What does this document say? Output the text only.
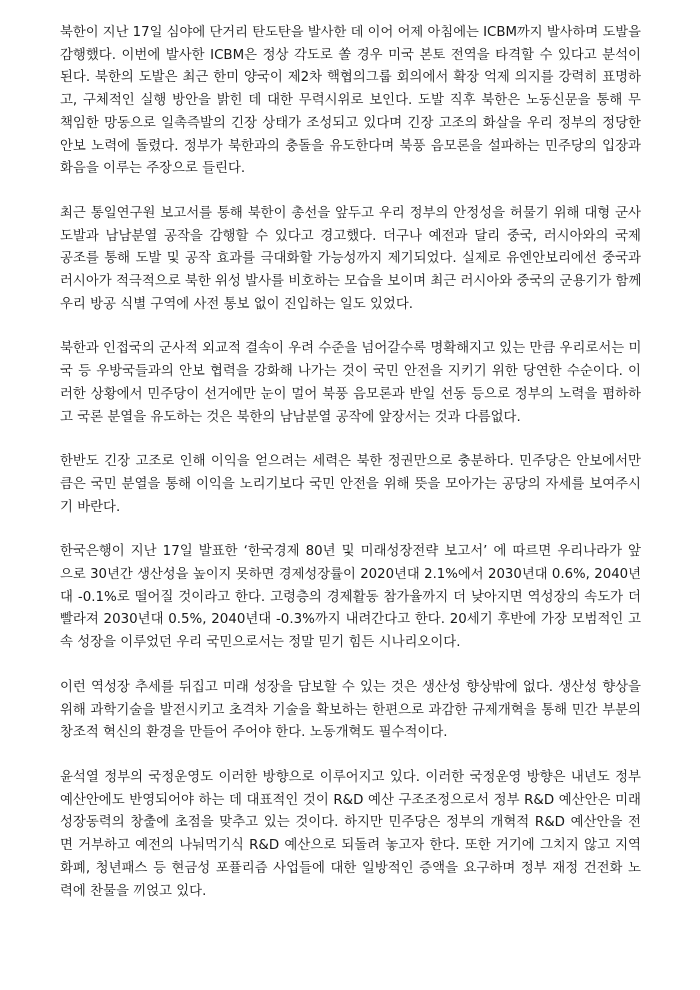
북한이 지난 17일 심야에 단거리 탄도탄을 발사한 데 이어 어제 아침에는 ICBM까지 발사하며 도발을
감행했다. 이번에 발사한 ICBM은 정상 각도로 쏠 경우 미국 본토 전역을 타격할 수 있다고 분석이
된다. 북한의 도발은 최근 한미 양국이 제2차 핵협의그룹 회의에서 확장 억제 의지를 강력히 표명하
고, 구체적인 실행 방안을 밝힌 데 대한 무력시위로 보인다. 도발 직후 북한은 노동신문을 통해 무
책임한 망동으로 일촉즉발의 긴장 상태가 조성되고 있다며 긴장 고조의 화살을 우리 정부의 정당한
안보 노력에 돌렸다. 정부가 북한과의 충돌을 유도한다며 북풍 음모론을 설파하는 민주당의 입장과
화음을 이루는 주장으로 들린다.
최근 통일연구원 보고서를 통해 북한이 총선을 앞두고 우리 정부의 안정성을 허물기 위해 대형 군사
도발과 남남분열 공작을 감행할 수 있다고 경고했다. 더구나 예전과 달리 중국, 러시아와의 국제
공조를 통해 도발 및 공작 효과를 극대화할 가능성까지 제기되었다. 실제로 유엔안보리에선 중국과
러시아가 적극적으로 북한 위성 발사를 비호하는 모습을 보이며 최근 러시아와 중국의 군용기가 함께
우리 방공 식별 구역에 사전 통보 없이 진입하는 일도 있었다.
북한과 인접국의 군사적 외교적 결속이 우려 수준을 넘어갈수록 명확해지고 있는 만큼 우리로서는 미
국 등 우방국들과의 안보 협력을 강화해 나가는 것이 국민 안전을 지키기 위한 당연한 수순이다. 이
러한 상황에서 민주당이 선거에만 눈이 멀어 북풍 음모론과 반일 선동 등으로 정부의 노력을 폄하하
고 국론 분열을 유도하는 것은 북한의 남남분열 공작에 앞장서는 것과 다름없다.
한반도 긴장 고조로 인해 이익을 얻으려는 세력은 북한 정권만으로 충분하다. 민주당은 안보에서만
큼은 국민 분열을 통해 이익을 노리기보다 국민 안전을 위해 뜻을 모아가는 공당의 자세를 보여주시
기 바란다.
한국은행이 지난 17일 발표한 ‘한국경제 80년 및 미래성장전략 보고서’ 에 따르면 우리나라가 앞
으로 30년간 생산성을 높이지 못하면 경제성장률이 2020년대 2.1%에서 2030년대 0.6%, 2040년
대 -0.1%로 떨어질 것이라고 한다. 고령층의 경제활동 참가율까지 더 낮아지면 역성장의 속도가 더
빨라져 2030년대 0.5%, 2040년대 -0.3%까지 내려간다고 한다. 20세기 후반에 가장 모범적인 고
속 성장을 이루었던 우리 국민으로서는 정말 믿기 힘든 시나리오이다.
이런 역성장 추세를 뒤집고 미래 성장을 담보할 수 있는 것은 생산성 향상밖에 없다. 생산성 향상을
위해 과학기술을 발전시키고 초격차 기술을 확보하는 한편으로 과감한 규제개혁을 통해 민간 부분의
창조적 혁신의 환경을 만들어 주어야 한다. 노동개혁도 필수적이다.
윤석열 정부의 국정운영도 이러한 방향으로 이루어지고 있다. 이러한 국정운영 방향은 내년도 정부
예산안에도 반영되어야 하는 데 대표적인 것이 R&D 예산 구조조정으로서 정부 R&D 예산안은 미래
성장동력의 창출에 초점을 맞추고 있는 것이다. 하지만 민주당은 정부의 개혁적 R&D 예산안을 전
면 거부하고 예전의 나눠먹기식 R&D 예산으로 되돌려 놓고자 한다. 또한 거기에 그치지 않고 지역
화폐, 청년패스 등 현금성 포퓰리즘 사업들에 대한 일방적인 증액을 요구하며 정부 재정 건전화 노
력에 찬물을 끼얹고 있다.
